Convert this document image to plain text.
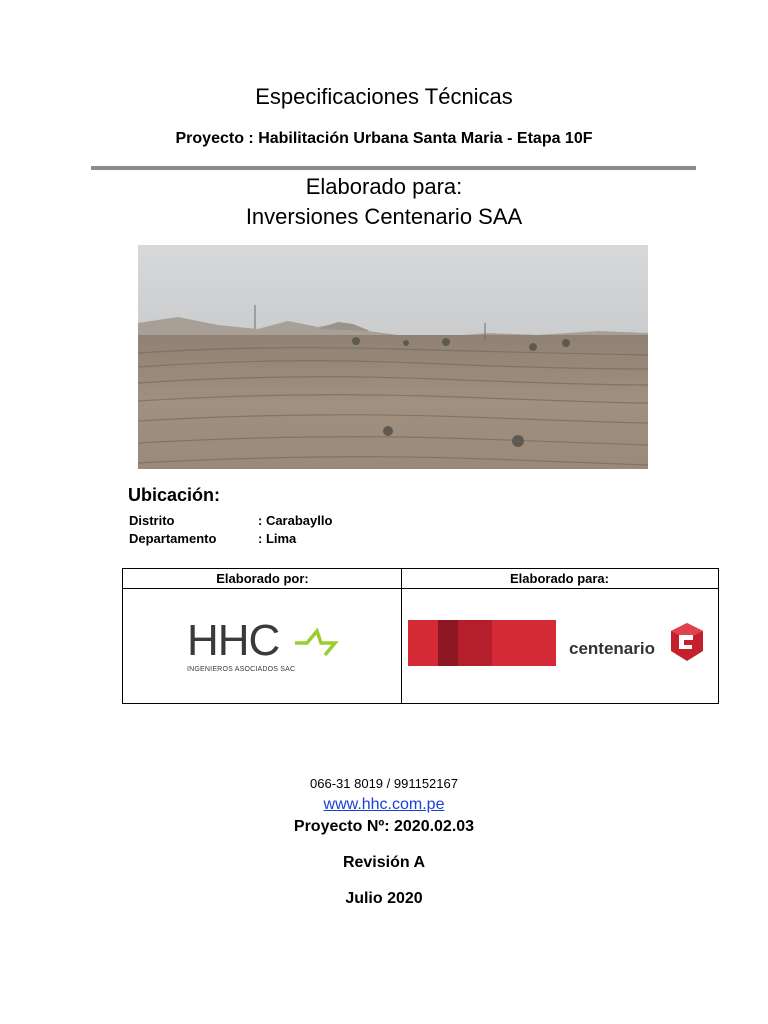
Especificaciones Técnicas
Proyecto : Habilitación Urbana Santa Maria - Etapa 10F
Elaborado para:
Inversiones Centenario SAA
Ubicación:
Distrito	: Carabayllo
Departamento	: Lima
Elaborado por:	Elaborado para:
HHC
INGENIEROS ASOCIADOS SAC
centenario
066-31 8019 / 991152167
www.hhc.com.pe
Proyecto Nº: 2020.02.03
Revisión A
Julio 2020
